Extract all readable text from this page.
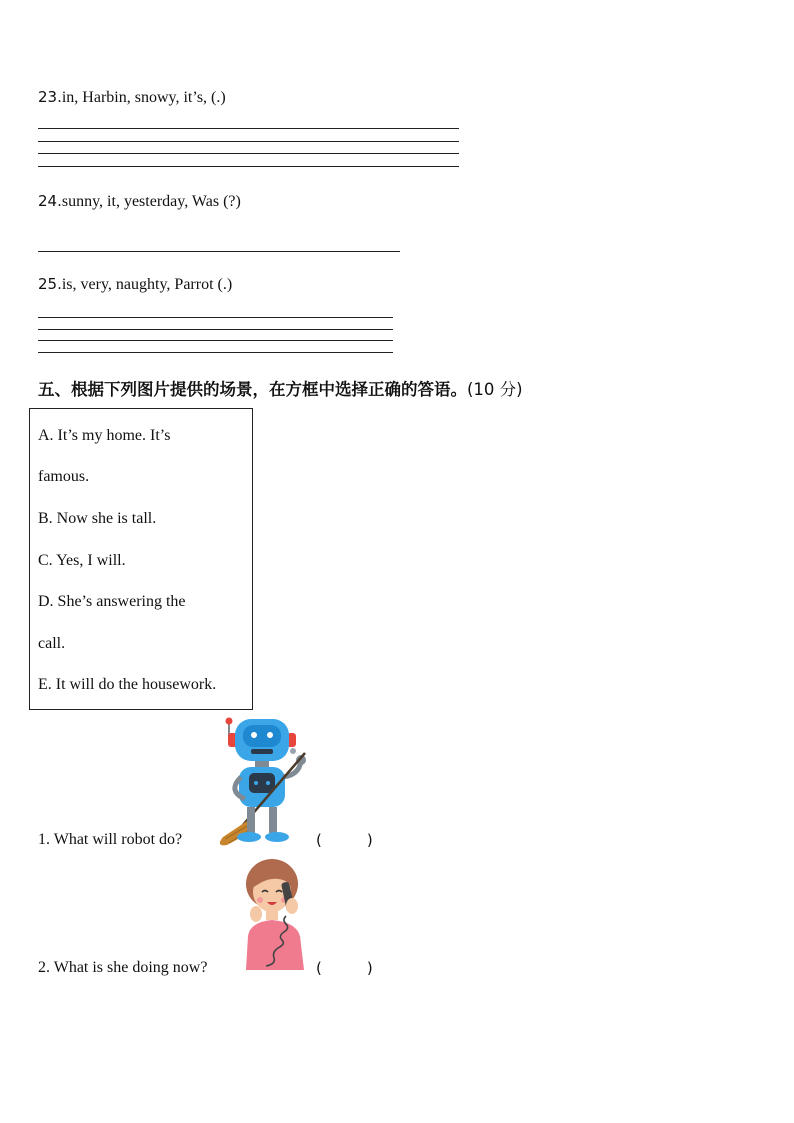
23.in, Harbin, snowy, it’s, (.)
24.sunny, it, yesterday, Was (?)
25.is, very, naughty, Parrot (.)
五、根据下列图片提供的场景，在方框中选择正确的答语。(10 分)
A. It’s my home. It’s
famous.
B. Now she is tall.
C. Yes, I will.
D. She’s answering the
call.
E. It will do the housework.
1. What will robot do?	(　　　)
2. What is she doing now?	(　　　)
